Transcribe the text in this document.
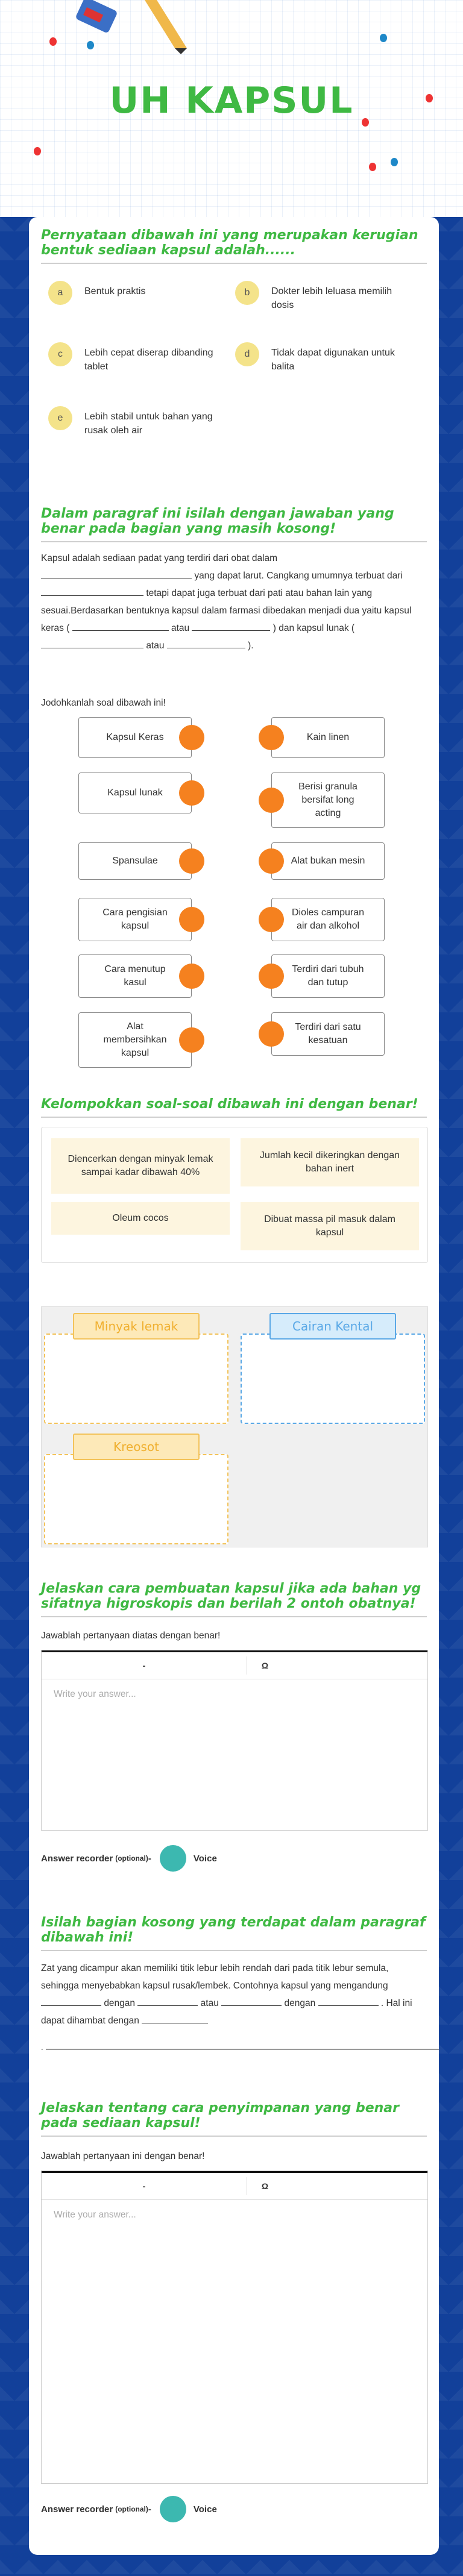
UH KAPSUL
Pernyataan dibawah ini yang merupakan kerugian bentuk sediaan kapsul adalah......
a	Bentuk praktis	b	Dokter lebih leluasa memilih dosis
c	Lebih cepat diserap dibanding tablet
d	Tidak dapat digunakan untuk balita
e	Lebih stabil untuk bahan yang rusak oleh air
Dalam paragraf ini isilah dengan jawaban yang benar pada bagian yang masih kosong!
Kapsul adalah sediaan padat yang terdiri dari obat dalam  yang dapat larut. Cangkang umumnya terbuat dari  tetapi dapat juga terbuat dari pati atau bahan lain yang sesuai.Berdasarkan bentuknya kapsul dalam farmasi dibedakan menjadi dua yaitu kapsul keras (	atau	) dan kapsul lunak (  atau	).
Jodohkanlah soal dibawah ini!
Kapsul Keras	Kain linen
Kapsul lunak
Berisi granula bersifat long acting
Spansulae	Alat bukan mesin
Cara pengisian kapsul
Dioles campuran air dan alkohol
Cara menutup kasul
Terdiri dari tubuh dan tutup
Alat membersihkan kapsul
Terdiri dari satu kesatuan
Kelompokkan soal-soal dibawah ini dengan benar!
Diencerkan dengan minyak lemak sampai kadar dibawah 40%
Jumlah kecil dikeringkan dengan bahan inert
Oleum cocos	Dibuat massa pil masuk dalam kapsul
Minyak lemak	Cairan Kental
Kreosot
Jelaskan cara pembuatan kapsul jika ada bahan yg sifatnya higroskopis dan berilah 2 ontoh obatnya!
Jawablah pertanyaan diatas dengan benar!
-	Ω
Write your answer...
Answer recorder (optional) -	Voice
Isilah bagian kosong yang terdapat dalam paragraf dibawah ini!
Zat yang dicampur akan memiliki titik lebur lebih rendah dari pada titik lebur semula, sehingga menyebabkan kapsul rusak/lembek. Contohnya kapsul yang mengandung  dengan	atau	dengan	. Hal ini dapat dihambat dengan
.
Jelaskan tentang cara penyimpanan yang benar pada sediaan kapsul!
Jawablah pertanyaan ini dengan benar!
-	Ω
Write your answer...
Answer recorder (optional) -	Voice
